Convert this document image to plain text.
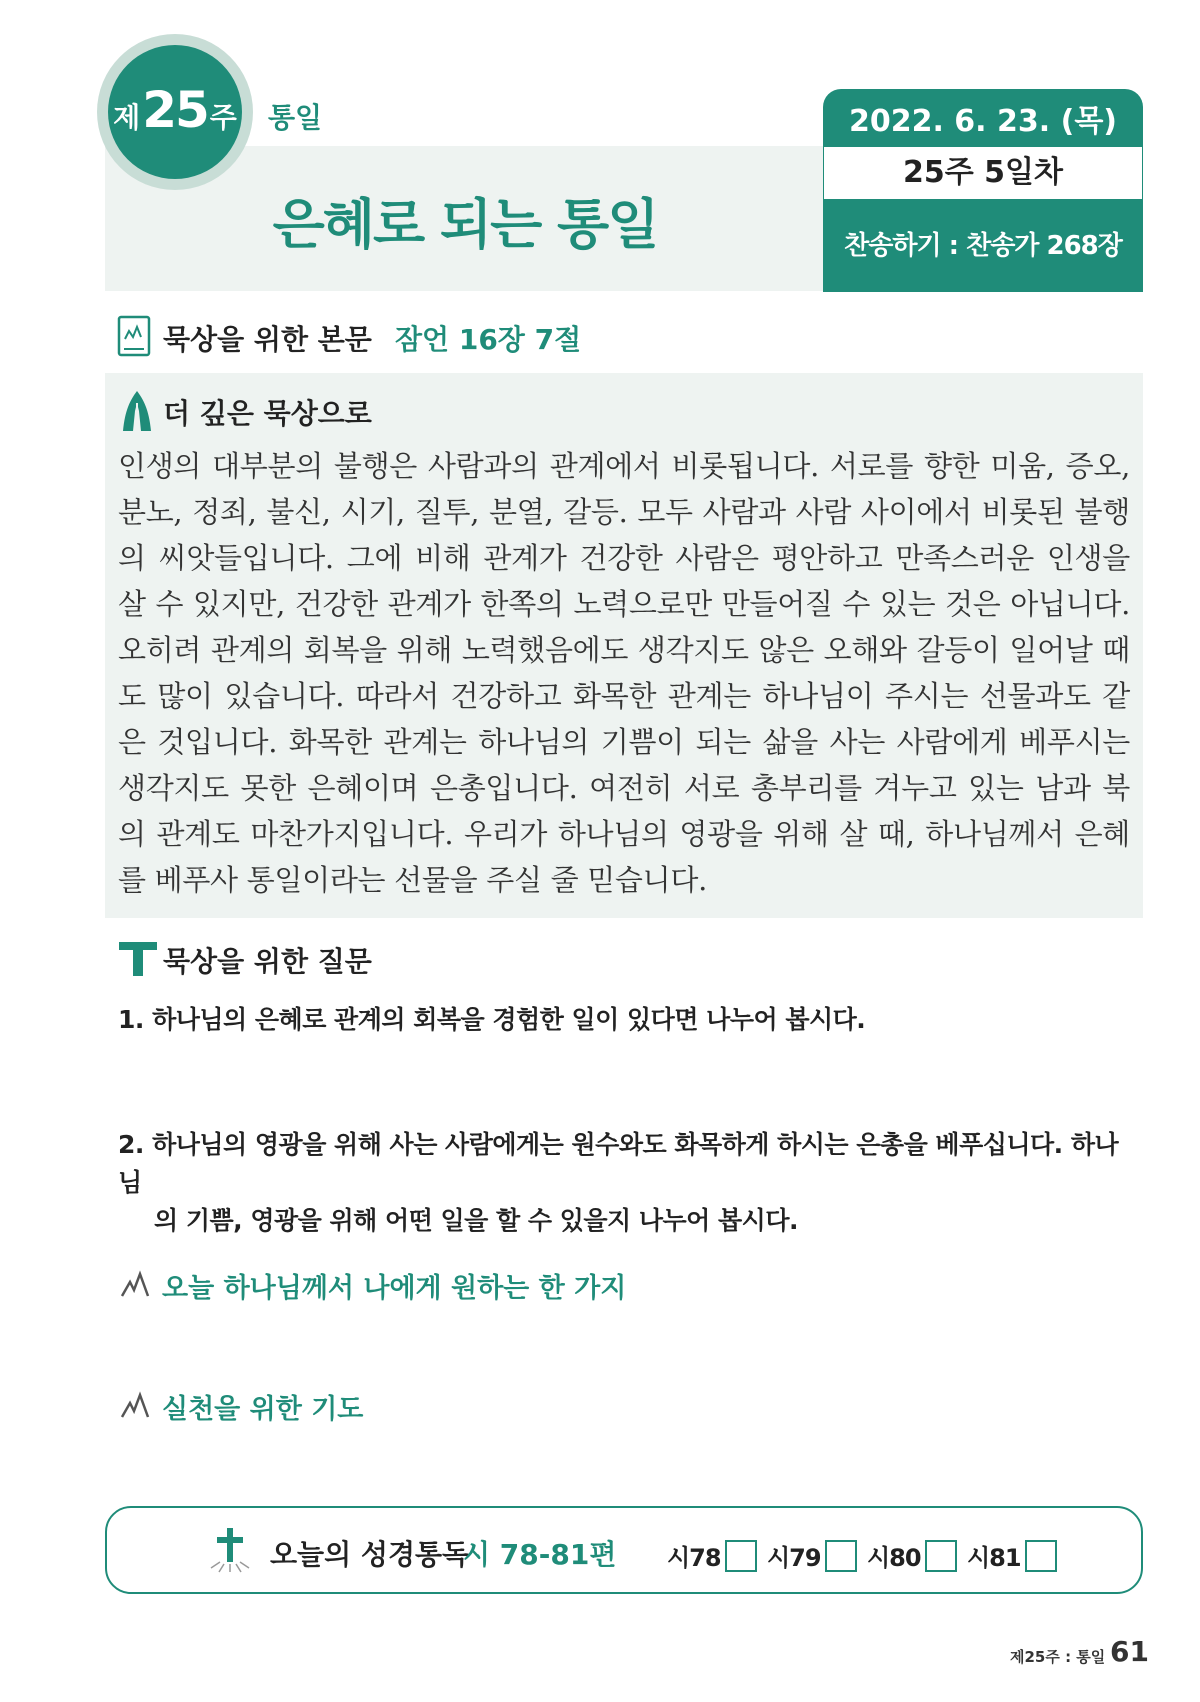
제 25 주 통일
은혜로 되는 통일
2022. 6. 23. (목)
25주 5일차
찬송하기 : 찬송가 268장
묵상을 위한 본문 잠언 16장 7절
더 깊은 묵상으로
인생의 대부분의 불행은 사람과의 관계에서 비롯됩니다. 서로를 향한 미움, 증오, 분노, 정죄, 불신, 시기, 질투, 분열, 갈등. 모두 사람과 사람 사이에서 비롯된 불행의 씨앗들입니다. 그에 비해 관계가 건강한 사람은 평안하고 만족스러운 인생을 살 수 있지만, 건강한 관계가 한쪽의 노력으로만 만들어질 수 있는 것은 아닙니다. 오히려 관계의 회복을 위해 노력했음에도 생각지도 않은 오해와 갈등이 일어날 때도 많이 있습니다. 따라서 건강하고 화목한 관계는 하나님이 주시는 선물과도 같은 것입니다. 화목한 관계는 하나님의 기쁨이 되는 삶을 사는 사람에게 베푸시는 생각지도 못한 은혜이며 은총입니다. 여전히 서로 총부리를 겨누고 있는 남과 북의 관계도 마찬가지입니다. 우리가 하나님의 영광을 위해 살 때, 하나님께서 은혜를 베푸사 통일이라는 선물을 주실 줄 믿습니다.
묵상을 위한 질문
1. 하나님의 은혜로 관계의 회복을 경험한 일이 있다면 나누어 봅시다.
2. 하나님의 영광을 위해 사는 사람에게는 원수와도 화목하게 하시는 은총을 베푸십니다. 하나님
의 기쁨, 영광을 위해 어떤 일을 할 수 있을지 나누어 봅시다.
오늘 하나님께서 나에게 원하는 한 가지
실천을 위한 기도
오늘의 성경통독
시 78-81편 시78 시79 시80 시81
제25주 : 통일 61
